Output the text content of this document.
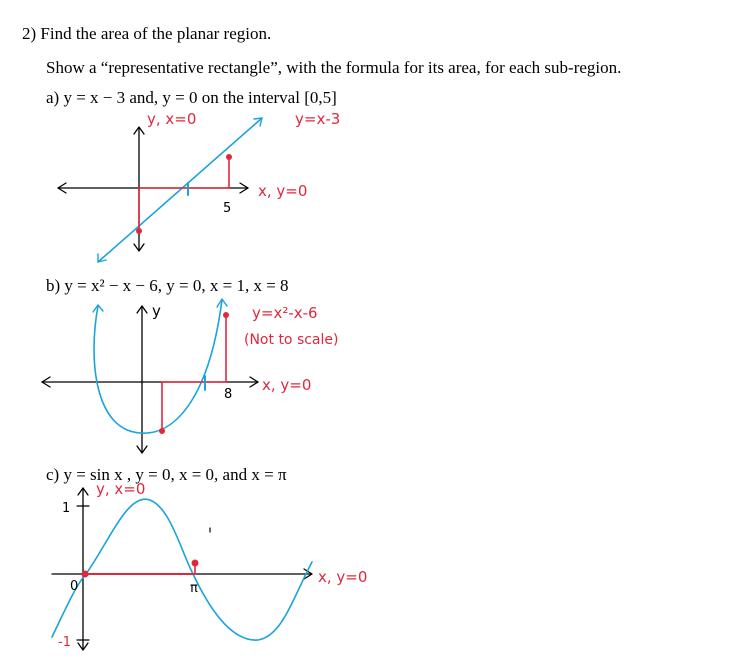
2) Find the area of the planar region.
Show a “representative rectangle”, with the formula for its area, for each sub-region.
a) y = x − 3 and, y = 0 on the interval [0,5]
b) y = x² − x − 6, y = 0, x = 1, x = 8
c) y = sin x , y = 0, x = 0, and x = π
y, x=0	y=x-3
x, y=0
5
y	y=x²-x-6
(Not to scale)
x, y=0
8
y, x=0
1
-1
0	π
x, y=0
